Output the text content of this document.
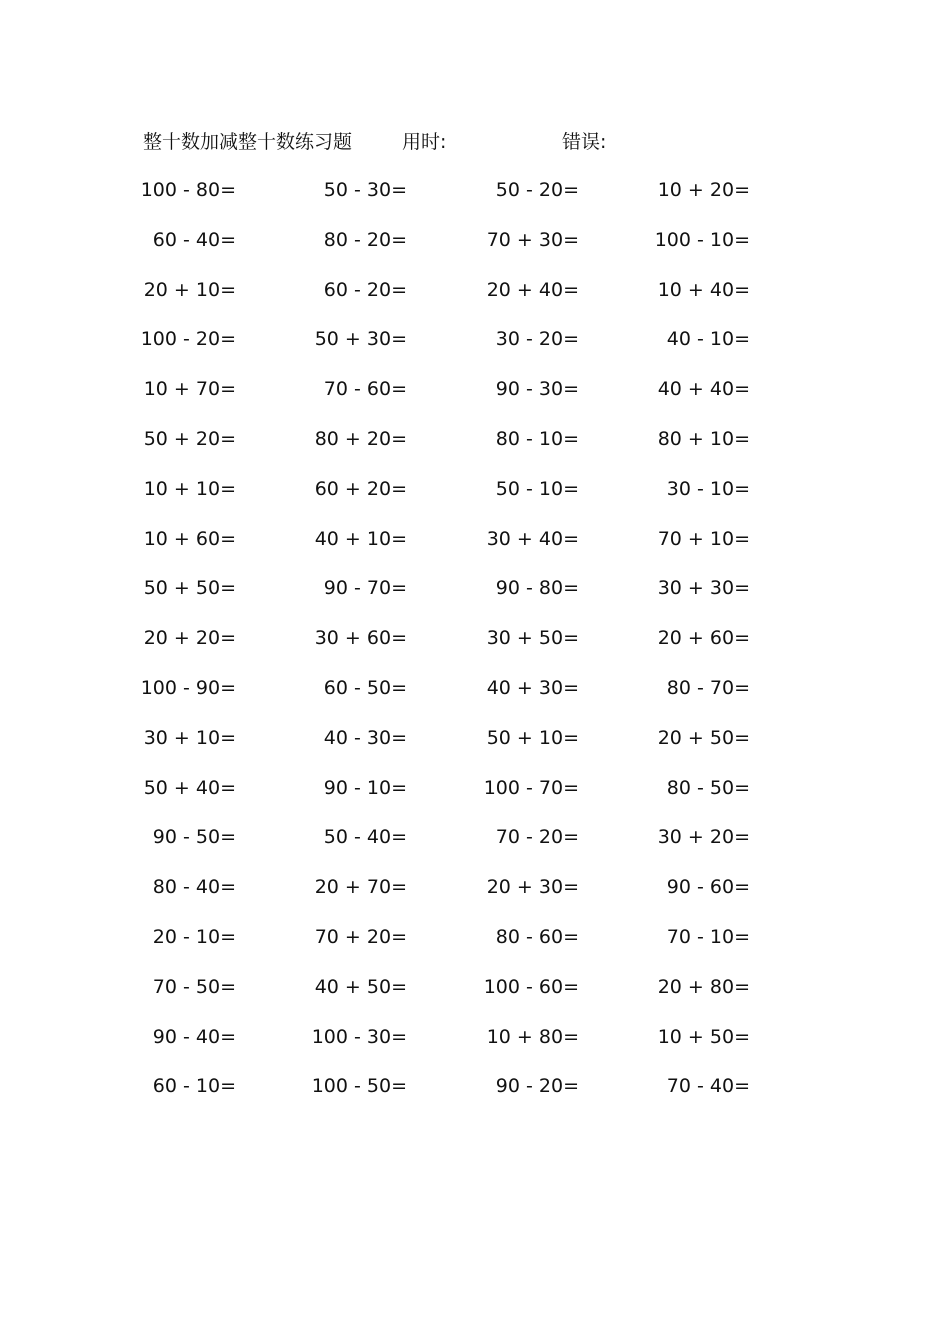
整十数加减整十数练习题	用时:	错误:
100 - 80=	50 - 30=	50 - 20=	10 + 20=
60 - 40=	80 - 20=	70 + 30=	100 - 10=
20 + 10=	60 - 20=	20 + 40=	10 + 40=
100 - 20=	50 + 30=	30 - 20=	40 - 10=
10 + 70=	70 - 60=	90 - 30=	40 + 40=
50 + 20=	80 + 20=	80 - 10=	80 + 10=
10 + 10=	60 + 20=	50 - 10=	30 - 10=
10 + 60=	40 + 10=	30 + 40=	70 + 10=
50 + 50=	90 - 70=	90 - 80=	30 + 30=
20 + 20=	30 + 60=	30 + 50=	20 + 60=
100 - 90=	60 - 50=	40 + 30=	80 - 70=
30 + 10=	40 - 30=	50 + 10=	20 + 50=
50 + 40=	90 - 10=	100 - 70=	80 - 50=
90 - 50=	50 - 40=	70 - 20=	30 + 20=
80 - 40=	20 + 70=	20 + 30=	90 - 60=
20 - 10=	70 + 20=	80 - 60=	70 - 10=
70 - 50=	40 + 50=	100 - 60=	20 + 80=
90 - 40=	100 - 30=	10 + 80=	10 + 50=
60 - 10=	100 - 50=	90 - 20=	70 - 40=
